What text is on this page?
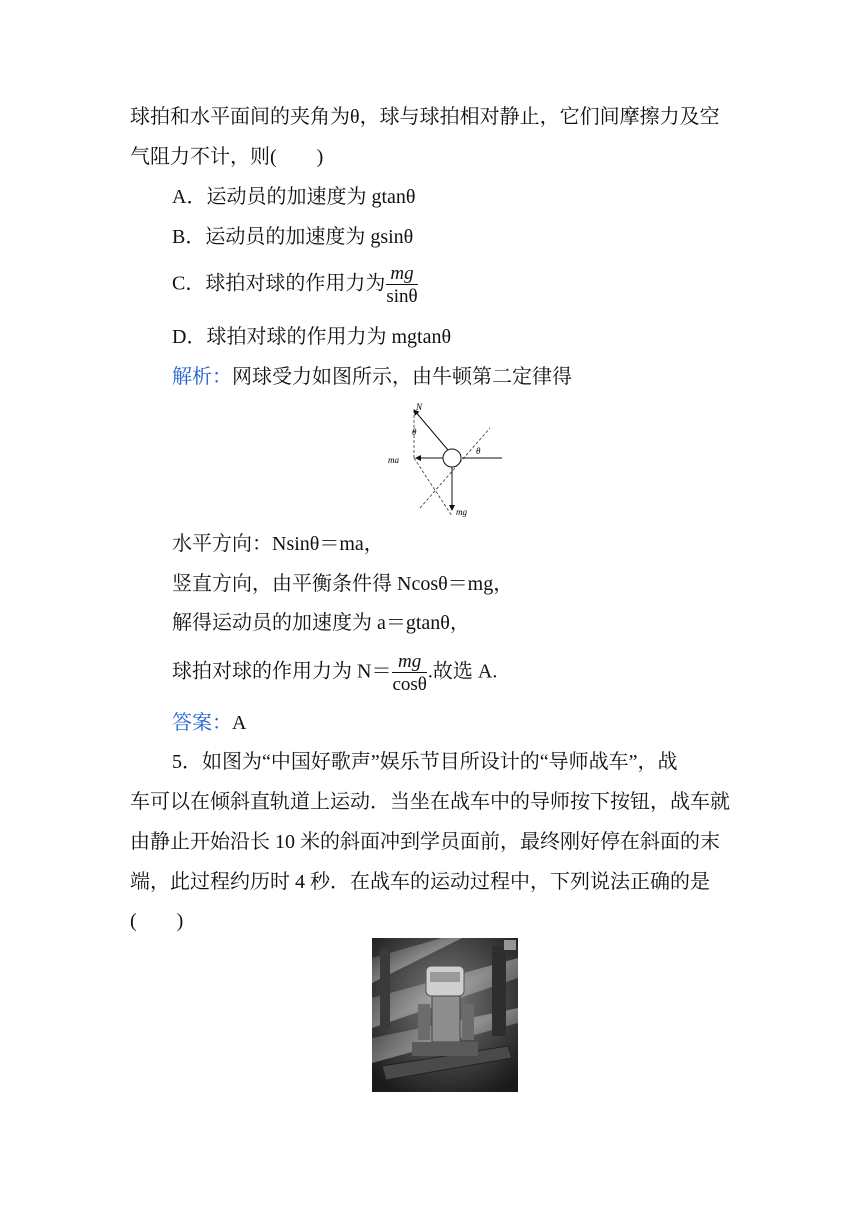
球拍和水平面间的夹角为θ，球与球拍相对静止，它们间摩擦力及空
气阻力不计，则(　　)
A．运动员的加速度为 gtanθ
B．运动员的加速度为 gsinθ
C．球拍对球的作用力为 $\frac{mg}{\sin\theta}$
D．球拍对球的作用力为 mgtanθ
解析：网球受力如图所示，由牛顿第二定律得
N
θ
θ
ma
mg
水平方向：Nsinθ＝ma，
竖直方向，由平衡条件得 Ncosθ＝mg，
解得运动员的加速度为 a＝gtanθ，
球拍对球的作用力为 $N= \frac{mg}{\cos\theta}$ .故选 A.
答案：A
5．如图为“中国好歌声”娱乐节目所设计的“导师战车”，战
车可以在倾斜直轨道上运动．当坐在战车中的导师按下按钮，战车就
由静止开始沿长 10 米的斜面冲到学员面前，最终刚好停在斜面的末
端，此过程约历时 4 秒．在战车的运动过程中，下列说法正确的是
(　　)
